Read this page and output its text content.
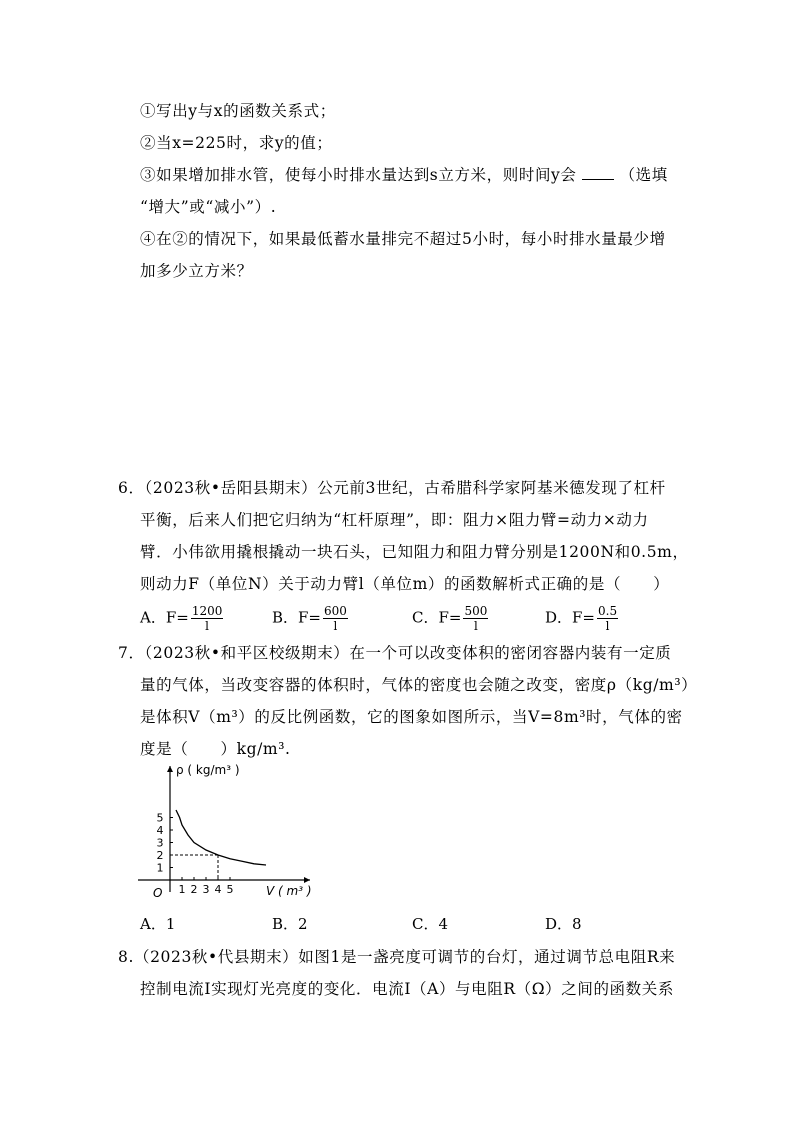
①写出y与x的函数关系式；
②当x=225时，求y的值；
③如果增加排水管，使每小时排水量达到s立方米，则时间y会	（选填
“增大”或“减小”）.
④在②的情况下，如果最低蓄水量排完不超过5小时，每小时排水量最少增
加多少立方米？
6．（2023秋•岳阳县期末）公元前3世纪，古希腊科学家阿基米德发现了杠杆
平衡，后来人们把它归纳为“杠杆原理”，即：阻力×阻力臂=动力×动力
臂．小伟欲用撬根撬动一块石头，已知阻力和阻力臂分别是1200N和0.5m，
则动力F（单位N）关于动力臂l（单位m）的函数解析式正确的是（　　）
A．$F= \frac{1200}{l}$	B．$F= \frac{600}{l}$	C．$F= \frac{500}{l}$	D．$F= \frac{0.5}{l}$
7．（2023秋•和平区校级期末）在一个可以改变体积的密闭容器内装有一定质
量的气体，当改变容器的体积时，气体的密度也会随之改变，密度ρ（kg/m³）
是体积V（m³）的反比例函数，它的图象如图所示，当V=8m³时，气体的密
度是（　　）kg/m³.
ρ ( kg/m³ )
V ( m³ )
O 1 2 3 4 5
1
2
3
4
5
A．1	B．2	C．4	D．8
8.（2023秋•代县期末）如图1是一盏亮度可调节的台灯，通过调节总电阻R来
控制电流I实现灯光亮度的变化．电流I（A）与电阻R（Ω）之间的函数关系
